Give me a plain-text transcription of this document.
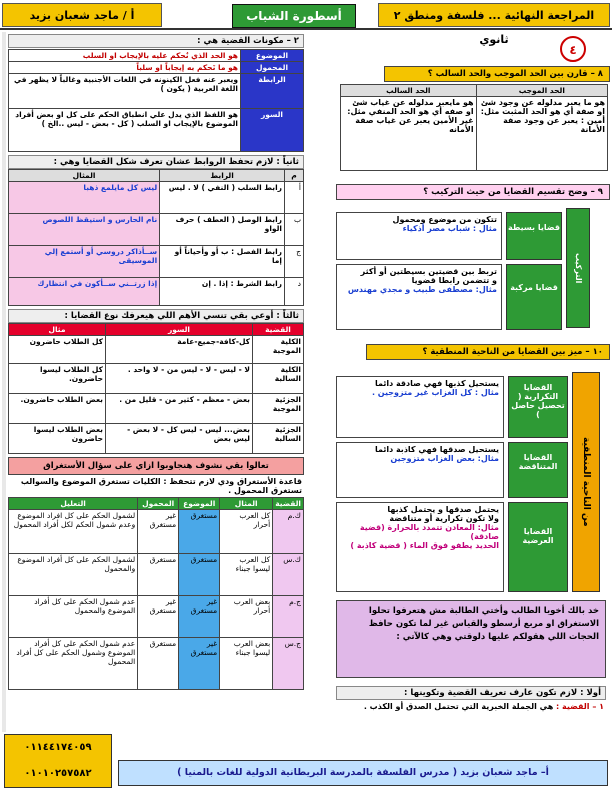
أ / ماجد شعبان بزيد	أسطورة الشباب	المراجعة النهائية ... فلسفة ومنطق ٢ ثانوي
٢ – مكونات القضية هي :
الموضوع	هو الحد الذي نُحكم عليه بالإيجاب او السلب
المحمول	هو ما نَحكم به إيجاباً او سلباً
الرابطة	ويعبر عنه فعل الكينونه في اللغات الأجنبية وغالباً لا يظهر في اللغة العربية ( يكون )
السور	هو اللفظ الذي يدل علي انطباق الحكم على كل او بعض أفراد الموضوع بالإيجاب او السلب ( كل - بعض - ليس ..الخ )
ثانياً : لازم تحفظ الروابط عشان تعرف شكل القضايا وهي :
م	الرابط	المثال
أ	رابط السلب ( النفي ) لا . ليس	ليس كل مايلمع ذهبا
ب	رابط الوصل ( العطف ) حرف الواو	نام الحارس و استيقظ اللصوص
ج	رابط الفصل : ب أو وأحياناً أو إما	ســأذاكر دروسي أو أستمع إلي الموسيقى
د	رابط الشرط : إذا . إن	إذا زرتــني ســأكون في انتظارك
ثالثاً : أوعي بقي تنسي الأهم اللي هيعرفك نوع القضايا :
القضية	السور	مثال
الكلية الموجبة	كل-كافة-جميع-عامة	كل الطلاب حاضرون
الكلية السالبة	لا - ليس - لا - ليس من - لا واحد .	كل الطلاب ليسوا حاضرون.
الجزئية الموجبة	بعض - معظم - كثير من - قليل من .	بعض الطلاب حاضرون.
الجزئية السالبة	بعض... ليس - ليس كل - لا بعض - ليس بعض	بعض الطلاب ليسوا حاضرون
تعالوا بقي نشوف هنجاوبوا ازاي على سؤال الأستغراق
قاعدة الأستغراق ودي لازم تتحفظ : الكليات تستغرق الموضوع والسوالب تستغرق المحمول .
القضية	المثال	الموضوع	المحمول	التعليل
ك.م	كل العرب أحرار	مستغرق	غير مستغرق	لشمول الحكم على كل افراد الموضوع وعدم شمول الحكم لكل أفراد المحمول
ك.س	كل العرب ليسوا جبناء	مستغرق	مستغرق	لشمول الحكم على كل أفراد الموضوع والمحمول
ج.م	بعض العرب أحرار	غير مستغرق	غير مستغرق	عدم شمول الحكم على كل أفراد الموضوع والمحمول
ج.س	بعض العرب ليسوا جبناء	غير مستغرق	مستغرق	عدم شمول الحكم على كل أفراد الموضوع وشمول الحكم على كل أفراد المحمول
٤
٨ – قارن بين الحد الموجب والحد السالب ؟
الحد الموجب	الحد السالب
هو ما يعبر مدلوله عن وجود شئ او صفة أي هو الحد المثبت مثل: أمين : يعبر عن وجود صفة الأمانة	هو مايعبر مدلوله عن غياب شئ او صفه أي هو الحد المنفي مثل: غير الأمين يعبر عن غياب صفة الأمانه
٩ – وضح تقسيم القضايا من حيث التركيب ؟
التركيب
قضايا بسيطة
تتكون من موضوع ومحمول
مثال : شباب مصر أذكياء
قضايا مركبة
تربط بين قضيتين بسيطتين أو أكثر
و تتضمن رابطا قضويا
مثال: مصطفى طبيب و مجدي مهندس
١٠ – ميز بين القضايا من الناحية المنطقية ؟
من الناحية المنطقية
القضايا التكرارية ( تحصيل حاصل )
يستحيل كذبها فهي صادقة دائما
مثال : كل الغزاب غير متزوجين .
القضايا المتناقضة
يستحيل صدقها فهي كاذبة دائما
مثال: بعض الغزاب متزوجين
القضايا العرضية
يحتمل صدقها و يحتمل كذبها
ولا تكون تكرارية أو متناقضة
مثال: المعادن تتمدد بالحرارة (قضية صادقة)
الحديد يطفو فوق الماء ( قضية كاذبة )
خد بالك أخويا الطالب وأختي الطالبة مش هتعرفوا تحلوا الاستغراق او مربع أرسطو والقياس غير لما تكون حافظ الحجات اللي هقولكم عليها دلوقتي وهي كالآتي :
أولا : لازم تكون عارف تعريف القضية وتكوينها :
١ – القضية : هي الجملة الخبرية التي تحتمل الصدق أو الكذب .
٠١١٤٤١٧٤٠٥٩
٠١٠١٠٢٥٧٥٨٢	أ– ماجد شعبان بزيد ( مدرس الفلسفة بالمدرسة البريطانية الدولية للغات بالمنيا )
